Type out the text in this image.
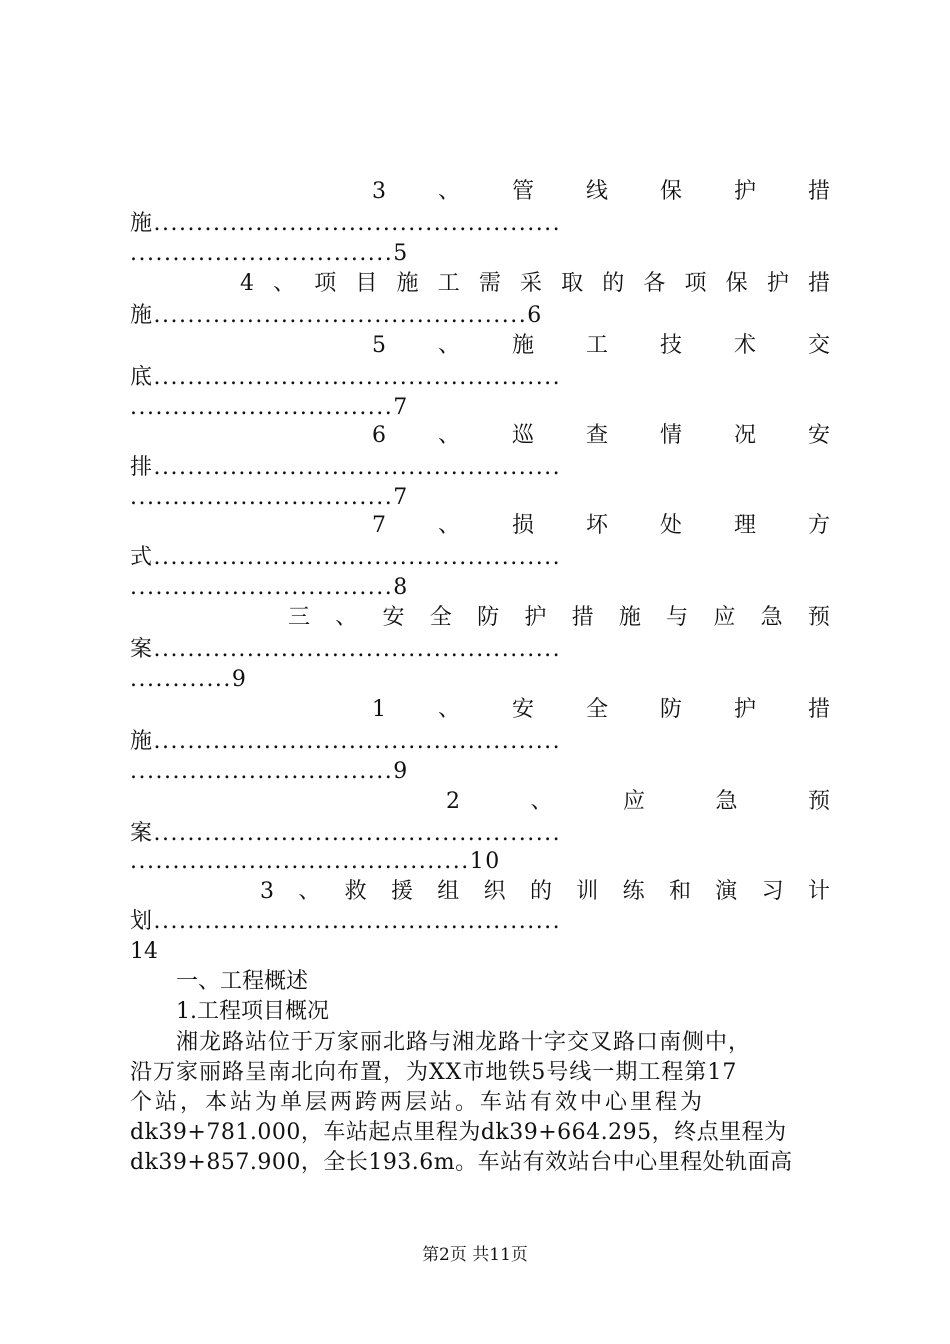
3 、 管 线 保 护 措
施................................................
...............................5
4 、 项 目 施 工 需 采 取 的 各 项 保 护 措
施............................................6
5 、 施 工 技 术 交
底................................................
...............................7
6 、 巡 查 情 况 安
排................................................
...............................7
7 、 损 坏 处 理 方
式................................................
...............................8
三 、 安 全 防 护 措 施 与 应 急 预
案................................................
............9
1 、 安 全 防 护 措
施................................................
...............................9
2	、	应	急	预
案................................................
........................................10
3 、 救 援 组 织 的 训 练 和 演 习 计
划................................................
14
一、工程概述
1.工程项目概况

湘龙路站位于万家丽北路与湘龙路十字交叉路口南侧中，

沿万家丽路呈南北向布置，为XX市地铁5号线一期工程第17

个站，本站为单层两跨两层站。车站有效中心里程为

dk39+781.000，车站起点里程为dk39+664.295，终点里程为

dk39+857.900，全长193.6m。车站有效站台中心里程处轨面高

第2页 共11页
